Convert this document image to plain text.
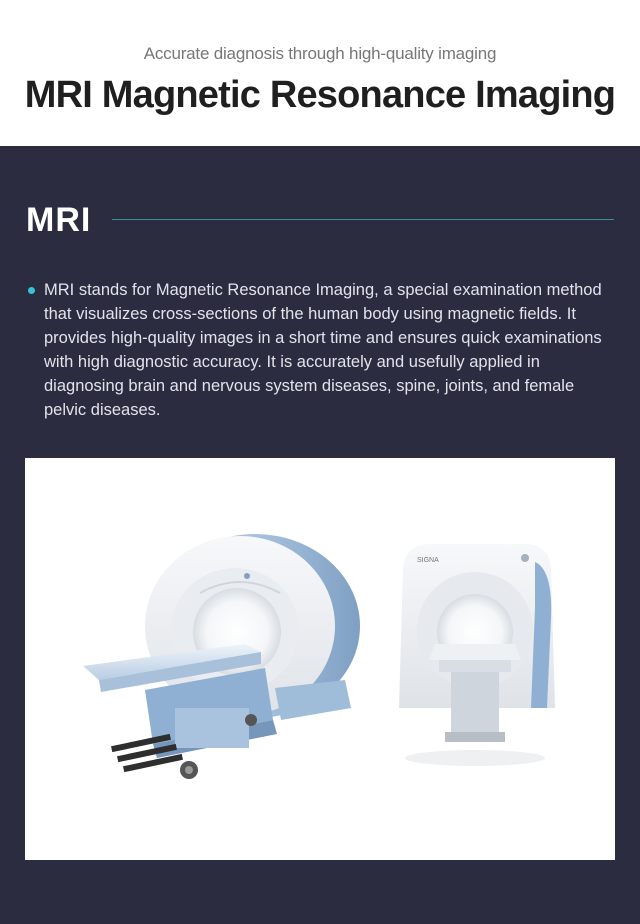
Accurate diagnosis through high-quality imaging
MRI Magnetic Resonance Imaging
MRI
MRI stands for Magnetic Resonance Imaging, a special examination method that visualizes cross-sections of the human body using magnetic fields. It provides high-quality images in a short time and ensures quick examinations with high diagnostic accuracy. It is accurately and usefully applied in diagnosing brain and nervous system diseases, spine, joints, and female pelvic diseases.
SIGNA
